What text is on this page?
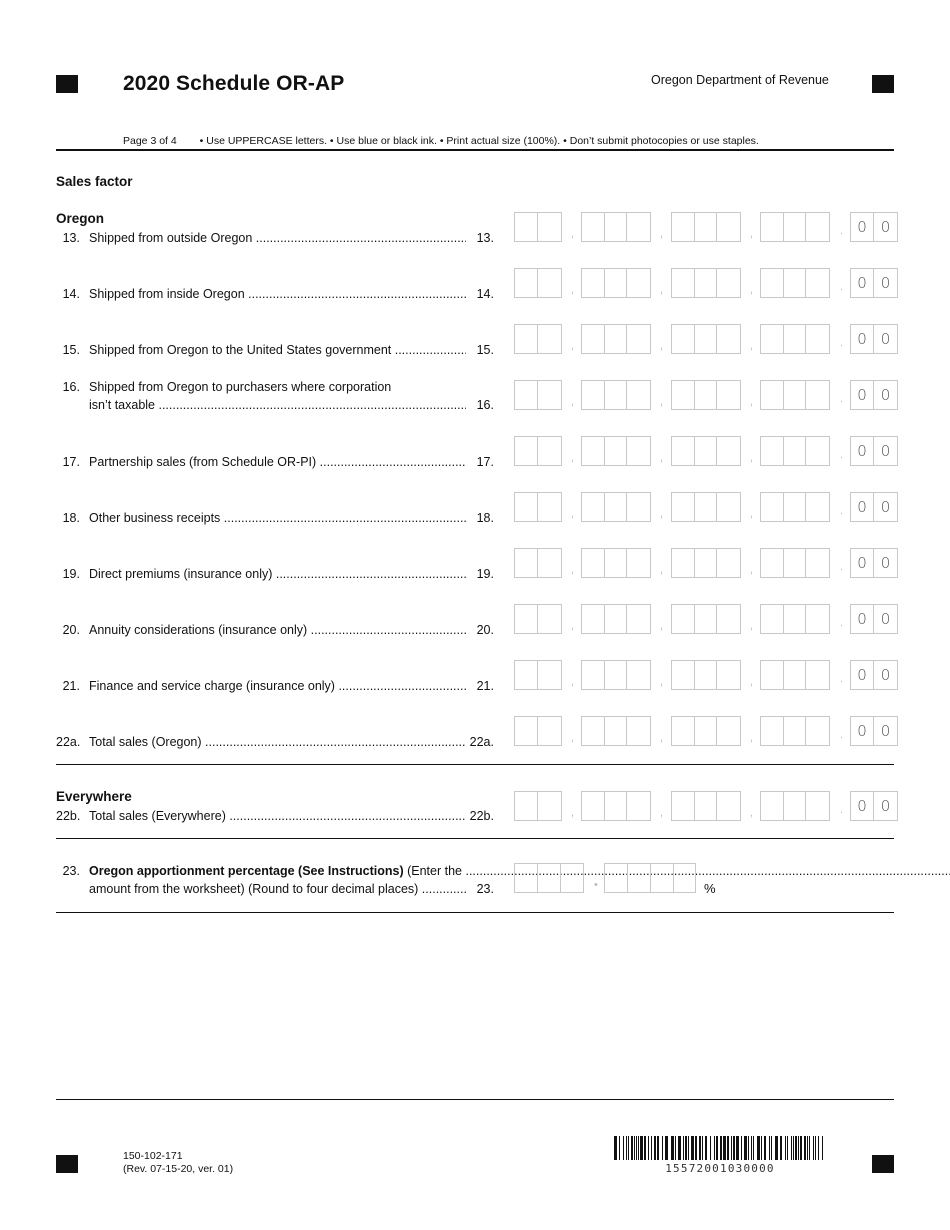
2020 Schedule OR-AP	Oregon Department of Revenue
Page 3 of 4 • Use UPPERCASE letters. • Use blue or black ink. • Print actual size (100%). • Don’t submit photocopies or use staples.
Sales factor
Oregon
13. Shipped from outside Oregon .....	13.	,	,	,	. 0 0
14. Shipped from inside Oregon .....	14.	,	,	,	. 0 0
15. Shipped from Oregon to the United States government .....	15.	,	,	,	. 0 0
16. Shipped from Oregon to purchasers where corporation
isn’t taxable .....	16.	,	,	,	. 0 0
17. Partnership sales (from Schedule OR-PI) .....	17.	,	,	,	. 0 0
18. Other business receipts .....	18.	,	,	,	. 0 0
19. Direct premiums (insurance only) .....	19.	,	,	,	. 0 0
20. Annuity considerations (insurance only) .....	20.	,	,	,	. 0 0
21. Finance and service charge (insurance only) .....	21.	,	,	,	. 0 0
22a. Total sales (Oregon) .....	22a.	,	,	,	. 0 0
22b. Total sales (Everywhere) .....	22b.	,	,	,	. 0 0
Everywhere
23. Oregon apportionment percentage (See Instructions) (Enter the .....
amount from the worksheet) (Round to four decimal places) .....	23.	•	%
150-102-171
(Rev. 07-15-20, ver. 01)	15572001030000
